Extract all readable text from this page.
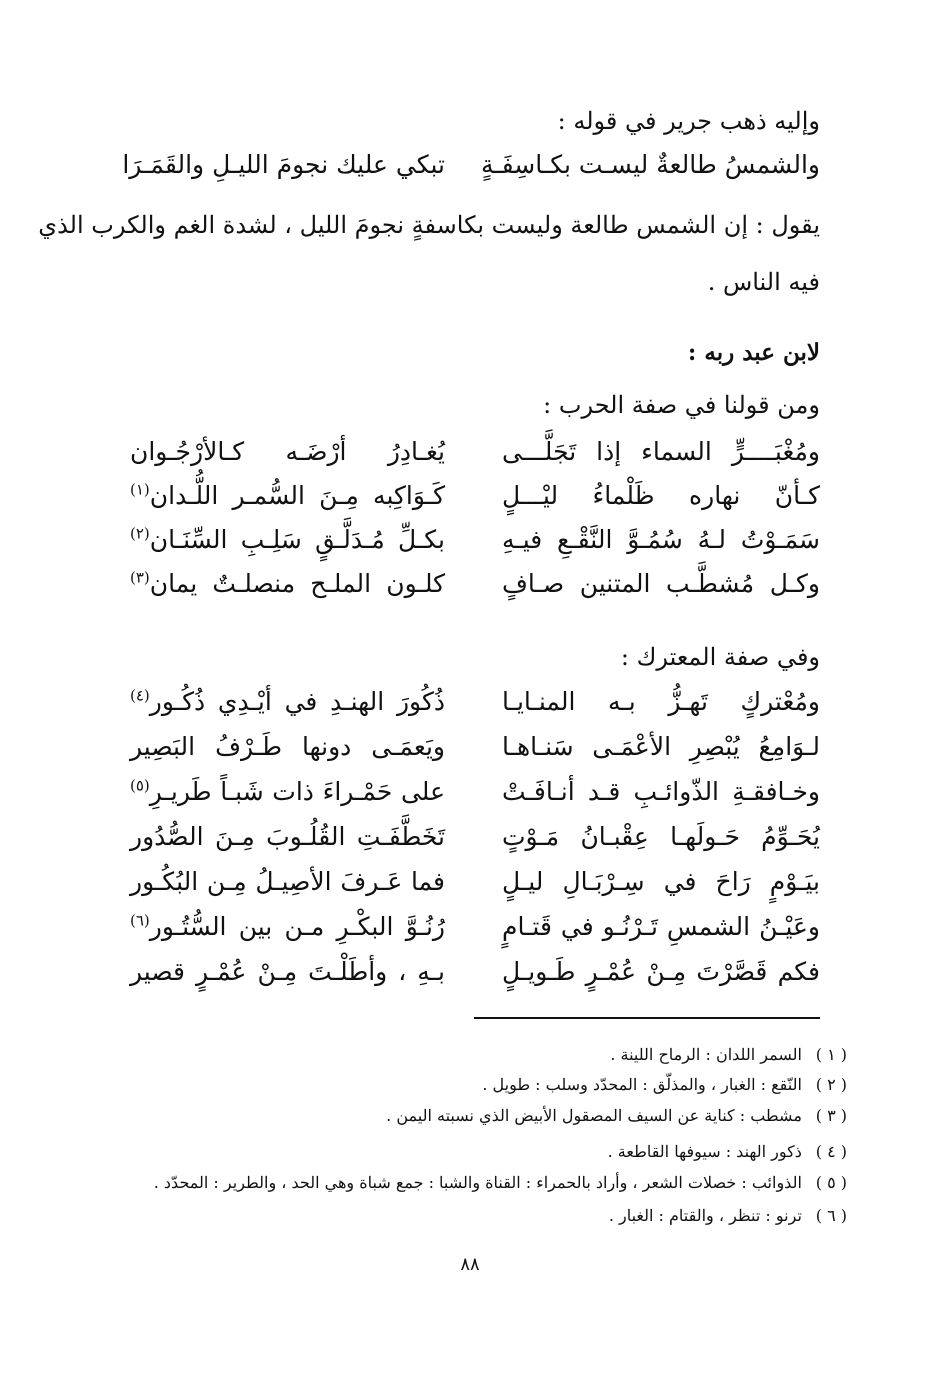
وإليه ذهب جرير في قوله :
والشمسُ طالعةٌ ليسـت بكـاسِفَـةٍ
تبكي عليك نجومَ الليـلِ والقَمَـرَا
يقول : إن الشمس طالعة وليست بكاسفةٍ نجومَ الليل ، لشدة الغم والكرب الذي
فيه الناس .
لابن عبد ربه :
ومن قولنا في صفة الحرب :
ومُغْبَــــرٍّ السماء إذا تَجَلَّـــى
يُغـادِرُ أرْضَـه كـالأرْجُـوان
كـأنّ نهاره ظَلْماءُ ليْـــلٍ
كَـوَاكِبه مِـنَ السُّمـر اللُّـدان$^{(١)}$
سَمَـوْتُ لـهُ سُمُـوَّ النَّقْـعِ فيـهِ
بكـلِّ مُـدَلَّـقٍ سَلِـبِ السِّنَـان$^{(٢)}$
وكـل مُشطَّـب المتنين صـافٍ
كلـون الملـح منصلـتٌ يمان$^{(٣)}$
وفي صفة المعترك :
ومُعْتركٍ تَهـزُّ بـه المنـايـا
ذُكُورَ الهنـدِ في أيْـدِي ذُكُـور$^{(٤)}$
لـوَامِعُ يُبْصِرِ الأعْمَـى سَنـاهـا
ويَعمَـى دونها طَـرْفُ البَصِير
وخـافقـةِ الذّوائـبِ قـد أنـافَـتْ
على حَمْـراءَ ذات شَبـاً طَريـرِ$^{(٥)}$
يُحَـوِّمُ حَـولَهـا عِقْبـانُ مَـوْتٍ
تَخَطَّفَـتِ القُلُـوبَ مِـنَ الصُّدُور
بيَـوْمٍ رَاحَ في سِـرْبَـالِ ليـلٍ
فما عَـرفَ الأصِيـلُ مِـن البُكُـور
وعَيْـنُ الشمسِ تَـرْنُـو في قَتـامٍ
رُنُـوَّ البكْـرِ مـن بين السُّتُـور$^{(٦)}$
فكم قَصَّرْتَ مِـنْ عُمْـرٍ طَـويـلٍ
بـهِ ، وأطَلْـتَ مِـنْ عُمْـرٍ قصير
( ١ ) السمر اللدان : الرماح اللينة .
( ٢ ) النّقع : الغبار ، والمذلّق : المحدّد وسلب : طويل .
( ٣ ) مشطب : كناية عن السيف المصقول الأبيض الذي نسبته اليمن .
( ٤ ) ذكور الهند : سيوفها القاطعة .
( ٥ ) الذوائب : خصلات الشعر ، وأراد بالحمراء : القناة والشبا : جمع شباة وهي الحد ، والطرير : المحدّد .
( ٦ ) ترنو : تنظر ، والقتام : الغبار .
٨٨
